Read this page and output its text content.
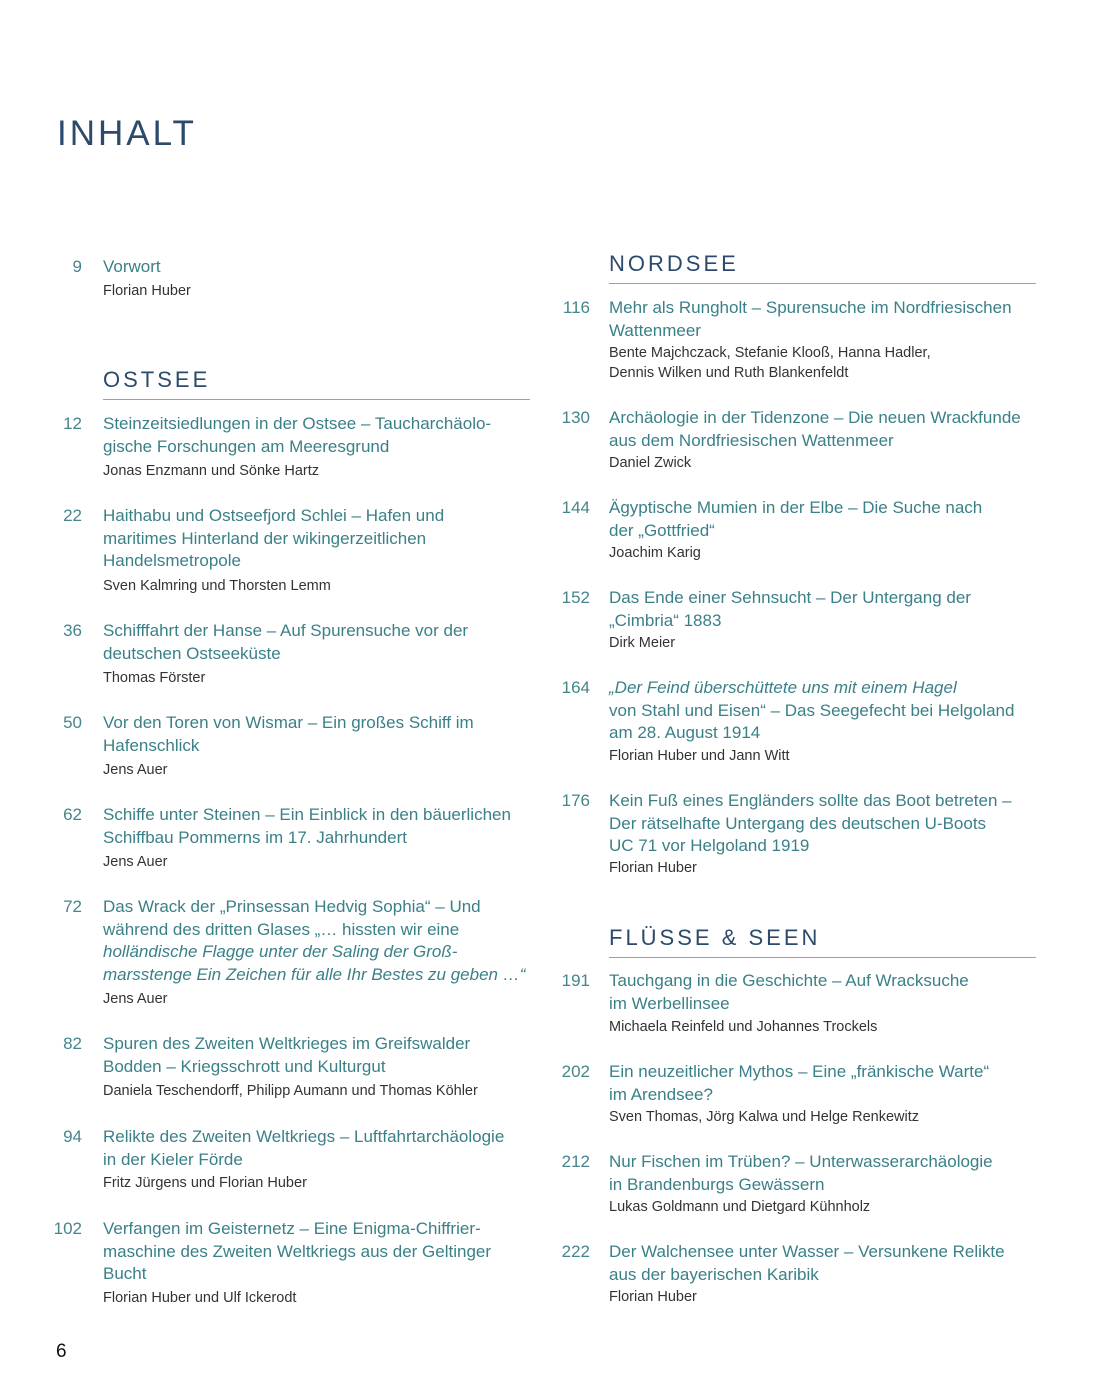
INHALT
9 Vorwort
Florian Huber
OSTSEE
12 Steinzeitsiedlungen in der Ostsee – Taucharchäolo-
gische Forschungen am Meeresgrund
Jonas Enzmann und Sönke Hartz
22 Haithabu und Ostseefjord Schlei – Hafen und
maritimes Hinterland der wikingerzeitlichen
Handelsmetropole
Sven Kalmring und Thorsten Lemm
36 Schifffahrt der Hanse – Auf Spurensuche vor der
deutschen Ostseeküste
Thomas Förster
50 Vor den Toren von Wismar – Ein großes Schiff im
Hafenschlick
Jens Auer
62 Schiffe unter Steinen – Ein Einblick in den bäuerlichen
Schiffbau Pommerns im 17. Jahrhundert
Jens Auer
72 Das Wrack der „Prinsessan Hedvig Sophia“ – Und
während des dritten Glases „… hissten wir eine
holländische Flagge unter der Saling der Groß-
marsstenge Ein Zeichen für alle Ihr Bestes zu geben …“
Jens Auer
82 Spuren des Zweiten Weltkrieges im Greifswalder
Bodden – Kriegsschrott und Kulturgut
Daniela Teschendorff, Philipp Aumann und Thomas Köhler
94 Relikte des Zweiten Weltkriegs – Luftfahrtarchäologie
in der Kieler Förde
Fritz Jürgens und Florian Huber
102 Verfangen im Geisternetz – Eine Enigma-Chiffrier-
maschine des Zweiten Weltkriegs aus der Geltinger
Bucht
Florian Huber und Ulf Ickerodt
NORDSEE
116 Mehr als Rungholt – Spurensuche im Nordfriesischen
Wattenmeer
Bente Majchczack, Stefanie Klooß, Hanna Hadler,
Dennis Wilken und Ruth Blankenfeldt
130 Archäologie in der Tidenzone – Die neuen Wrackfunde
aus dem Nordfriesischen Wattenmeer
Daniel Zwick
144 Ägyptische Mumien in der Elbe – Die Suche nach
der „Gottfried“
Joachim Karig
152 Das Ende einer Sehnsucht – Der Untergang der
„Cimbria“ 1883
Dirk Meier
164 „Der Feind überschüttete uns mit einem Hagel
von Stahl und Eisen“ – Das Seegefecht bei Helgoland
am 28. August 1914
Florian Huber und Jann Witt
176 Kein Fuß eines Engländers sollte das Boot betreten –
Der rätselhafte Untergang des deutschen U-Boots
UC 71 vor Helgoland 1919
Florian Huber
FLÜSSE & SEEN
191 Tauchgang in die Geschichte – Auf Wracksuche
im Werbellinsee
Michaela Reinfeld und Johannes Trockels
202 Ein neuzeitlicher Mythos – Eine „fränkische Warte“
im Arendsee?
Sven Thomas, Jörg Kalwa und Helge Renkewitz
212 Nur Fischen im Trüben? – Unterwasserarchäologie
in Brandenburgs Gewässern
Lukas Goldmann und Dietgard Kühnholz
222 Der Walchensee unter Wasser – Versunkene Relikte
aus der bayerischen Karibik
Florian Huber
6
